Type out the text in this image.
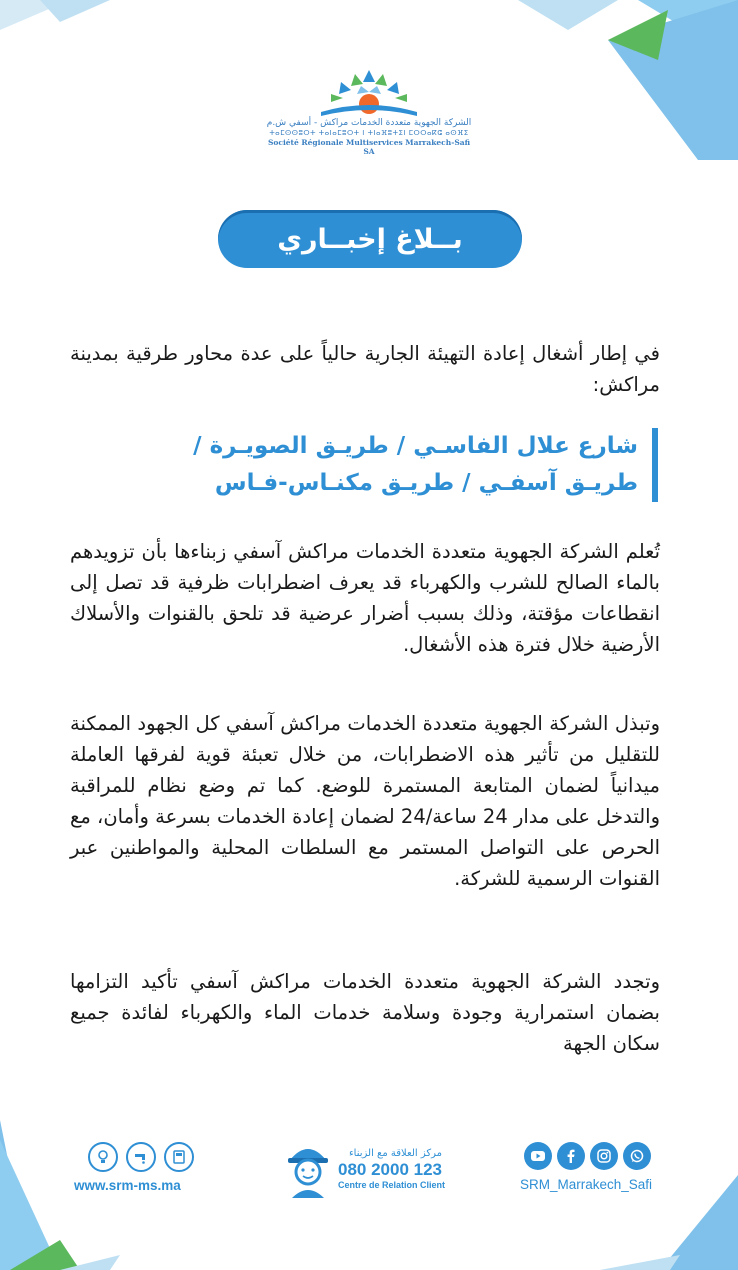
الشركة الجهوية متعددة الخدمات مراكش - أسفي ش.م
ⵜⴰⵎⵙⵙⵓⵔⵜ ⵜⴰⵏⴰⵎⵓⵔⵜ ⵏ ⵜⵏⴰⴼⵓⵜⵉⵏ ⵎⵔⵔⴰⴽⵛ ⴰⵙⴼⵉ
Société Régionale Multiservices Marrakech-Safi SA
بــلاغ إخبــاري
في إطار أشغال إعادة التهيئة الجارية حالياً على عدة محاور طرقية بمدينة مراكش:
شارع علال الفاسـي / طريـق الصويـرة / طريـق آسفـي / طريـق مكنـاس-فـاس
تُعلم الشركة الجهوية متعددة الخدمات مراكش آسفي زبناءها بأن تزويدهم بالماء الصالح للشرب والكهرباء قد يعرف اضطرابات ظرفية قد تصل إلى انقطاعات مؤقتة، وذلك بسبب أضرار عرضية قد تلحق بالقنوات والأسلاك الأرضية خلال فترة هذه الأشغال.
وتبذل الشركة الجهوية متعددة الخدمات مراكش آسفي كل الجهود الممكنة للتقليل من تأثير هذه الاضطرابات، من خلال تعبئة قوية لفرقها العاملة ميدانياً لضمان المتابعة المستمرة للوضع. كما تم وضع نظام للمراقبة والتدخل على مدار 24 ساعة/24 لضمان إعادة الخدمات بسرعة وأمان، مع الحرص على التواصل المستمر مع السلطات المحلية والمواطنين عبر القنوات الرسمية للشركة.
وتجدد الشركة الجهوية متعددة الخدمات مراكش آسفي تأكيد التزامها بضمان استمرارية وجودة وسلامة خدمات الماء والكهرباء لفائدة جميع سكان الجهة
www.srm-ms.ma
مركز العلاقة مع الزبناء
080 2000 123
Centre de Relation Client	SRM_Marrakech_Safi
